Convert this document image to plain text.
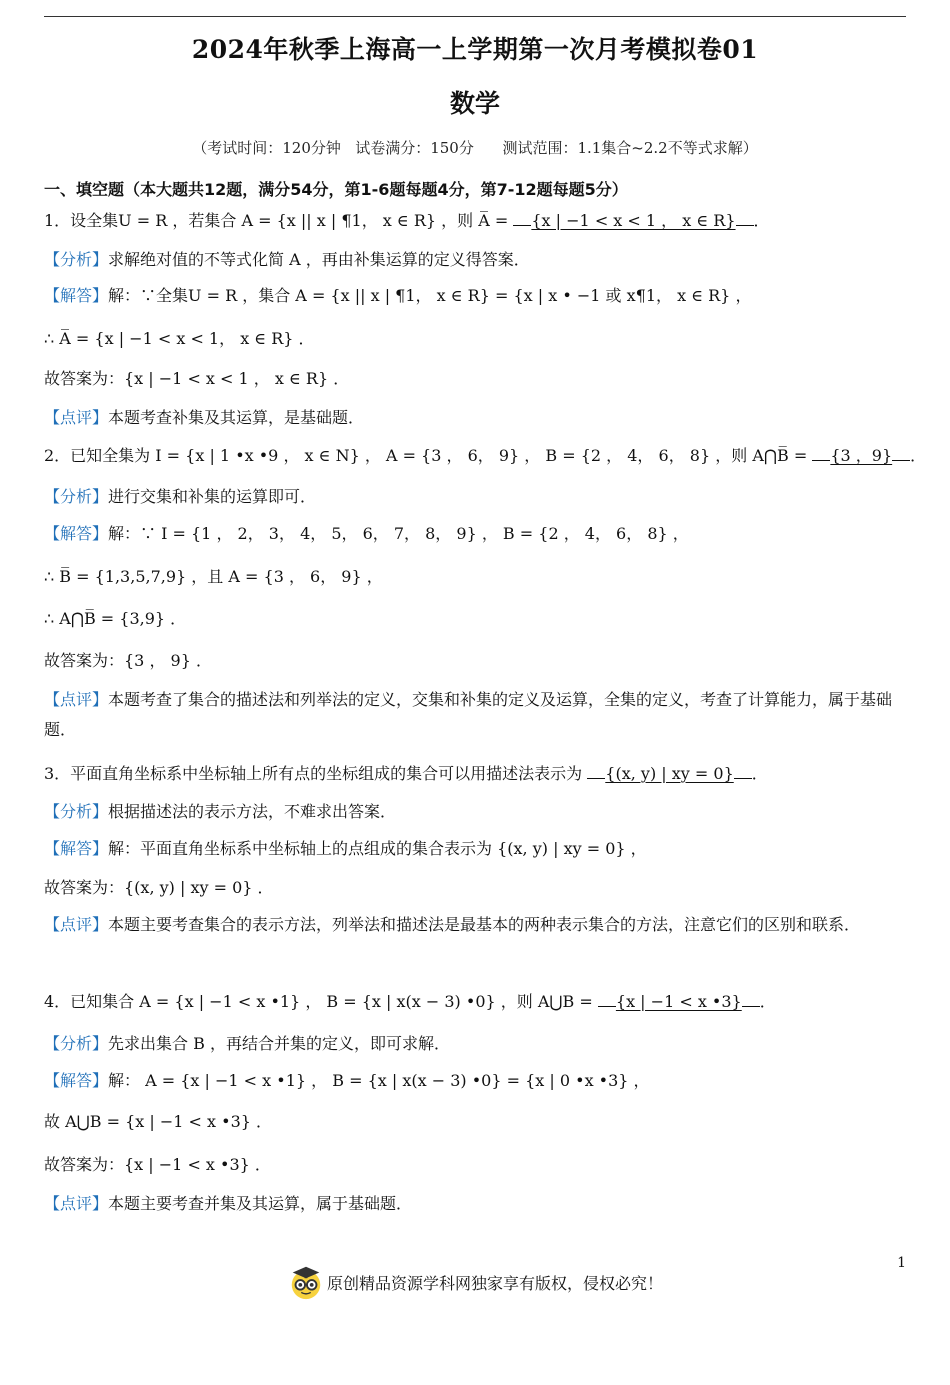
2024年秋季上海高一上学期第一次月考模拟卷01
数学
（考试时间：120分钟   试卷满分：150分      测试范围：1.1集合~2.2不等式求解）
一、填空题（本大题共12题，满分54分，第1-6题每题4分，第7-12题每题5分）
1．设全集U = R ，若集合 A = {x || x | ¶1， x ∈ R} ，则 A̅ = {x | −1 < x < 1 ， x ∈ R} ．
【分析】求解绝对值的不等式化简 A ，再由补集运算的定义得答案．
【解答】解：∵全集U = R ，集合 A = {x || x | ¶1， x ∈ R} = {x | x • −1 或 x¶1， x ∈ R} ，
∴ A̅ = {x | −1 < x < 1， x ∈ R} ．
故答案为：{x | −1 < x < 1 ， x ∈ R} ．
【点评】本题考查补集及其运算，是基础题．
2．已知全集为 I = {x | 1 •x •9 ， x ∈ N} ， A = {3 ， 6， 9} ， B = {2 ， 4， 6， 8} ，则 A⋂B̅ = {3 ，9} ．
【分析】进行交集和补集的运算即可．
【解答】解：∵ I = {1 ， 2， 3， 4， 5， 6， 7， 8， 9} ， B = {2 ， 4， 6， 8} ，
∴ B̅ = {1,3,5,7,9} ，且 A = {3 ， 6， 9} ，
∴ A⋂B̅ = {3,9} ．
故答案为：{3 ， 9} ．
【点评】本题考查了集合的描述法和列举法的定义，交集和补集的定义及运算，全集的定义，考查了计算能力，属于基础题．
3．平面直角坐标系中坐标轴上所有点的坐标组成的集合可以用描述法表示为 {(x, y) | xy = 0} ．
【分析】根据描述法的表示方法，不难求出答案．
【解答】解：平面直角坐标系中坐标轴上的点组成的集合表示为 {(x, y) | xy = 0} ，
故答案为：{(x, y) | xy = 0} ．
【点评】本题主要考查集合的表示方法，列举法和描述法是最基本的两种表示集合的方法，注意它们的区别和联系．
4．已知集合 A = {x | −1 < x •1} ， B = {x | x(x − 3) •0} ，则 A⋃B = {x | −1 < x •3} ．
【分析】先求出集合 B ，再结合并集的定义，即可求解．
【解答】解： A = {x | −1 < x •1} ， B = {x | x(x − 3) •0} = {x | 0 •x •3} ，
故 A⋃B = {x | −1 < x •3} ．
故答案为：{x | −1 < x •3} ．
【点评】本题主要考查并集及其运算，属于基础题．
原创精品资源学科网独家享有版权，侵权必究！
1
